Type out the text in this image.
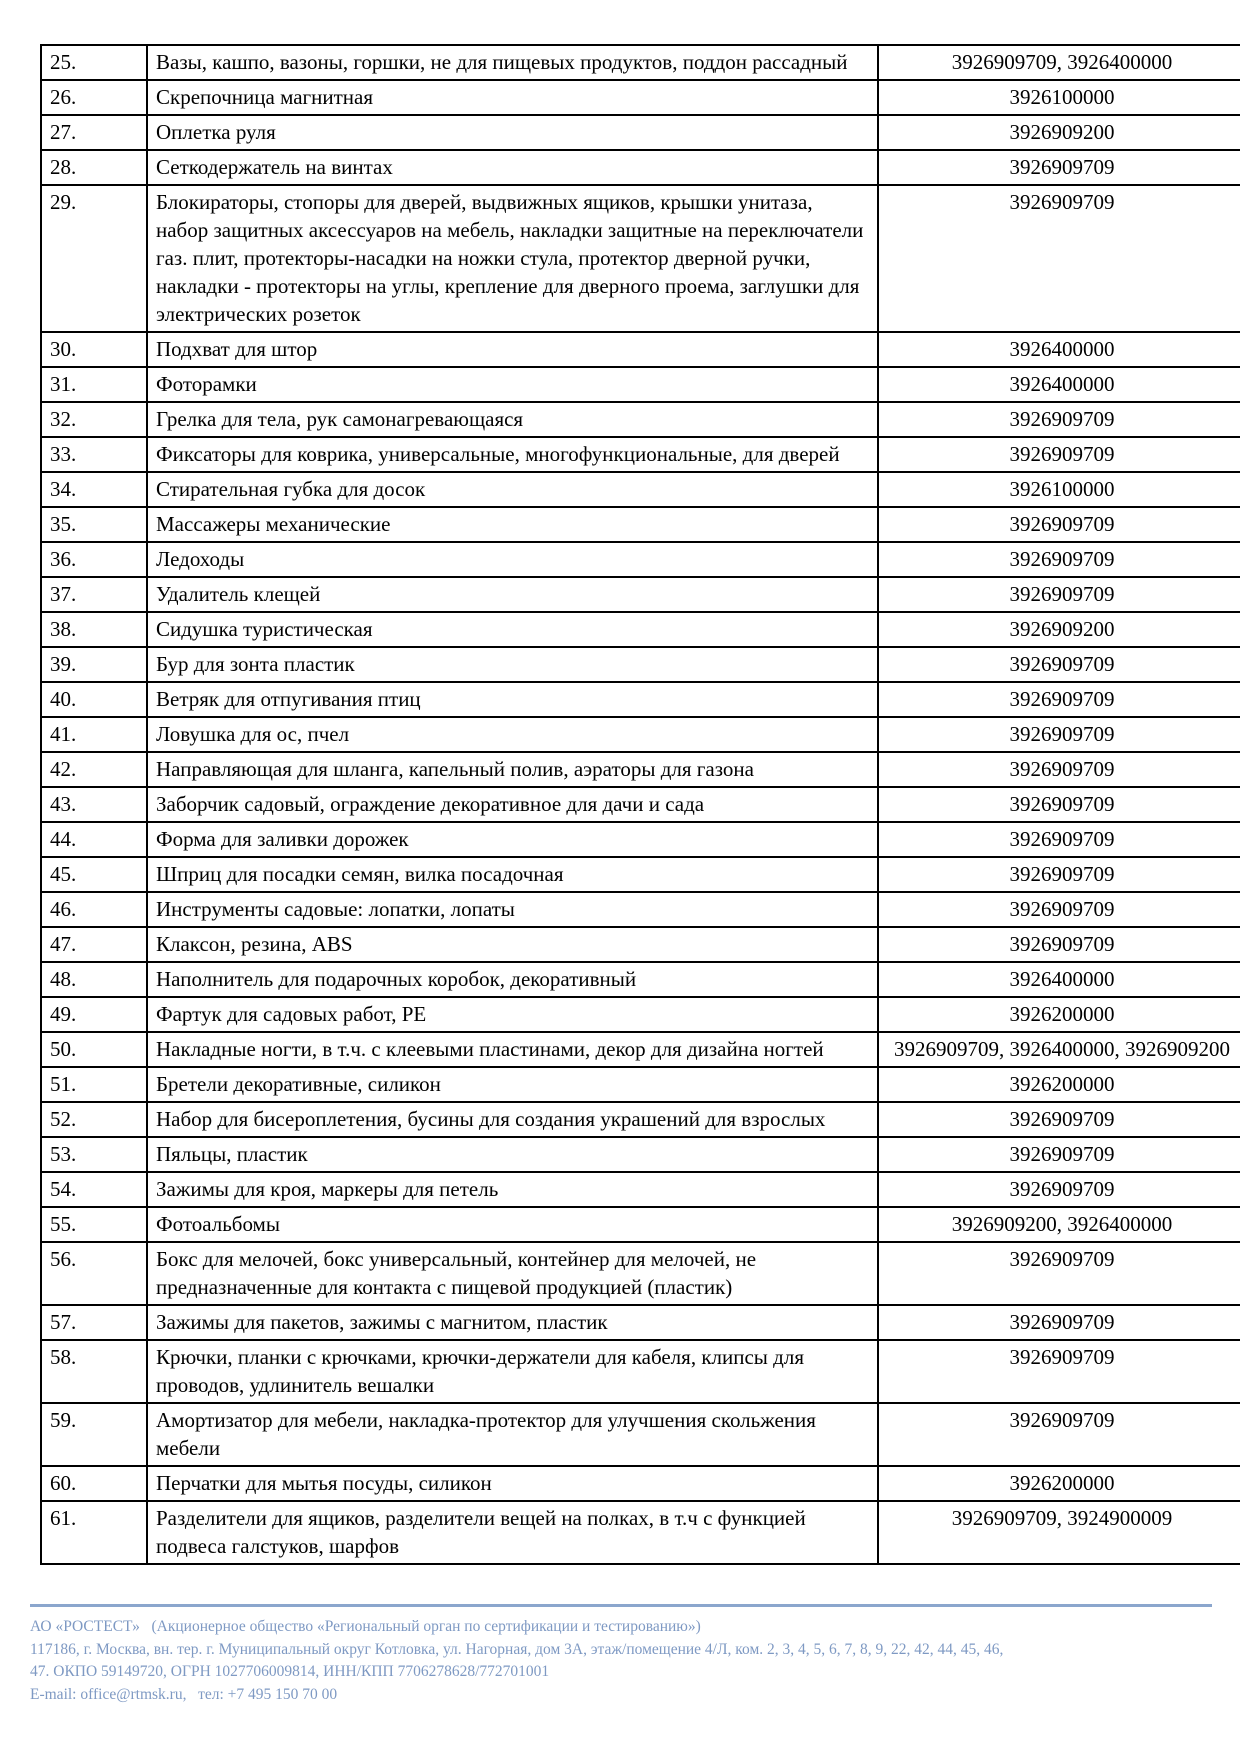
25.	Вазы, кашпо, вазоны, горшки, не для пищевых продуктов, поддон рассадный	3926909709, 3926400000
26.	Скрепочница магнитная	3926100000
27.	Оплетка руля	3926909200
28.	Сеткодержатель на винтах	3926909709
29.	Блокираторы, стопоры для дверей, выдвижных ящиков, крышки унитаза, набор защитных аксессуаров на мебель, накладки защитные на переключатели газ. плит, протекторы-насадки на ножки стула, протектор дверной ручки, накладки - протекторы на углы, крепление для дверного проема, заглушки для электрических розеток	3926909709
30.	Подхват для штор	3926400000
31.	Фоторамки	3926400000
32.	Грелка для тела, рук самонагревающаяся	3926909709
33.	Фиксаторы для коврика, универсальные, многофункциональные, для дверей	3926909709
34.	Стирательная губка для досок	3926100000
35.	Массажеры механические	3926909709
36.	Ледоходы	3926909709
37.	Удалитель клещей	3926909709
38.	Сидушка туристическая	3926909200
39.	Бур для зонта пластик	3926909709
40.	Ветряк для отпугивания птиц	3926909709
41.	Ловушка для ос, пчел	3926909709
42.	Направляющая для шланга, капельный полив, аэраторы для газона	3926909709
43.	Заборчик садовый, ограждение декоративное для дачи и сада	3926909709
44.	Форма для заливки дорожек	3926909709
45.	Шприц для посадки семян, вилка посадочная	3926909709
46.	Инструменты садовые: лопатки, лопаты	3926909709
47.	Клаксон, резина, ABS	3926909709
48.	Наполнитель для подарочных коробок, декоративный	3926400000
49.	Фартук для садовых работ, PE	3926200000
50.	Накладные ногти, в т.ч. с клеевыми пластинами, декор для дизайна ногтей	3926909709, 3926400000, 3926909200
51.	Бретели декоративные, силикон	3926200000
52.	Набор для бисероплетения, бусины для создания украшений для взрослых	3926909709
53.	Пяльцы, пластик	3926909709
54.	Зажимы для кроя, маркеры для петель	3926909709
55.	Фотоальбомы	3926909200, 3926400000
56.	Бокс для мелочей, бокс универсальный, контейнер для мелочей, не предназначенные для контакта с пищевой продукцией (пластик)	3926909709
57.	Зажимы для пакетов, зажимы с магнитом, пластик	3926909709
58.	Крючки, планки с крючками, крючки-держатели для кабеля, клипсы для проводов, удлинитель вешалки	3926909709
59.	Амортизатор для мебели, накладка-протектор для улучшения скольжения мебели	3926909709
60.	Перчатки для мытья посуды, силикон	3926200000
61.	Разделители для ящиков, разделители вещей на полках, в т.ч с функцией подвеса галстуков, шарфов	3926909709, 3924900009
АО «РОСТЕСТ»   (Акционерное общество «Региональный орган по сертификации и тестированию»)
117186, г. Москва, вн. тер. г. Муниципальный округ Котловка, ул. Нагорная, дом 3А, этаж/помещение 4/Л, ком. 2, 3, 4, 5, 6, 7, 8, 9, 22, 42, 44, 45, 46,
47. ОКПО 59149720, ОГРН 1027706009814, ИНН/КПП 7706278628/772701001
E-mail: office@rtmsk.ru,   тел: +7 495 150 70 00
